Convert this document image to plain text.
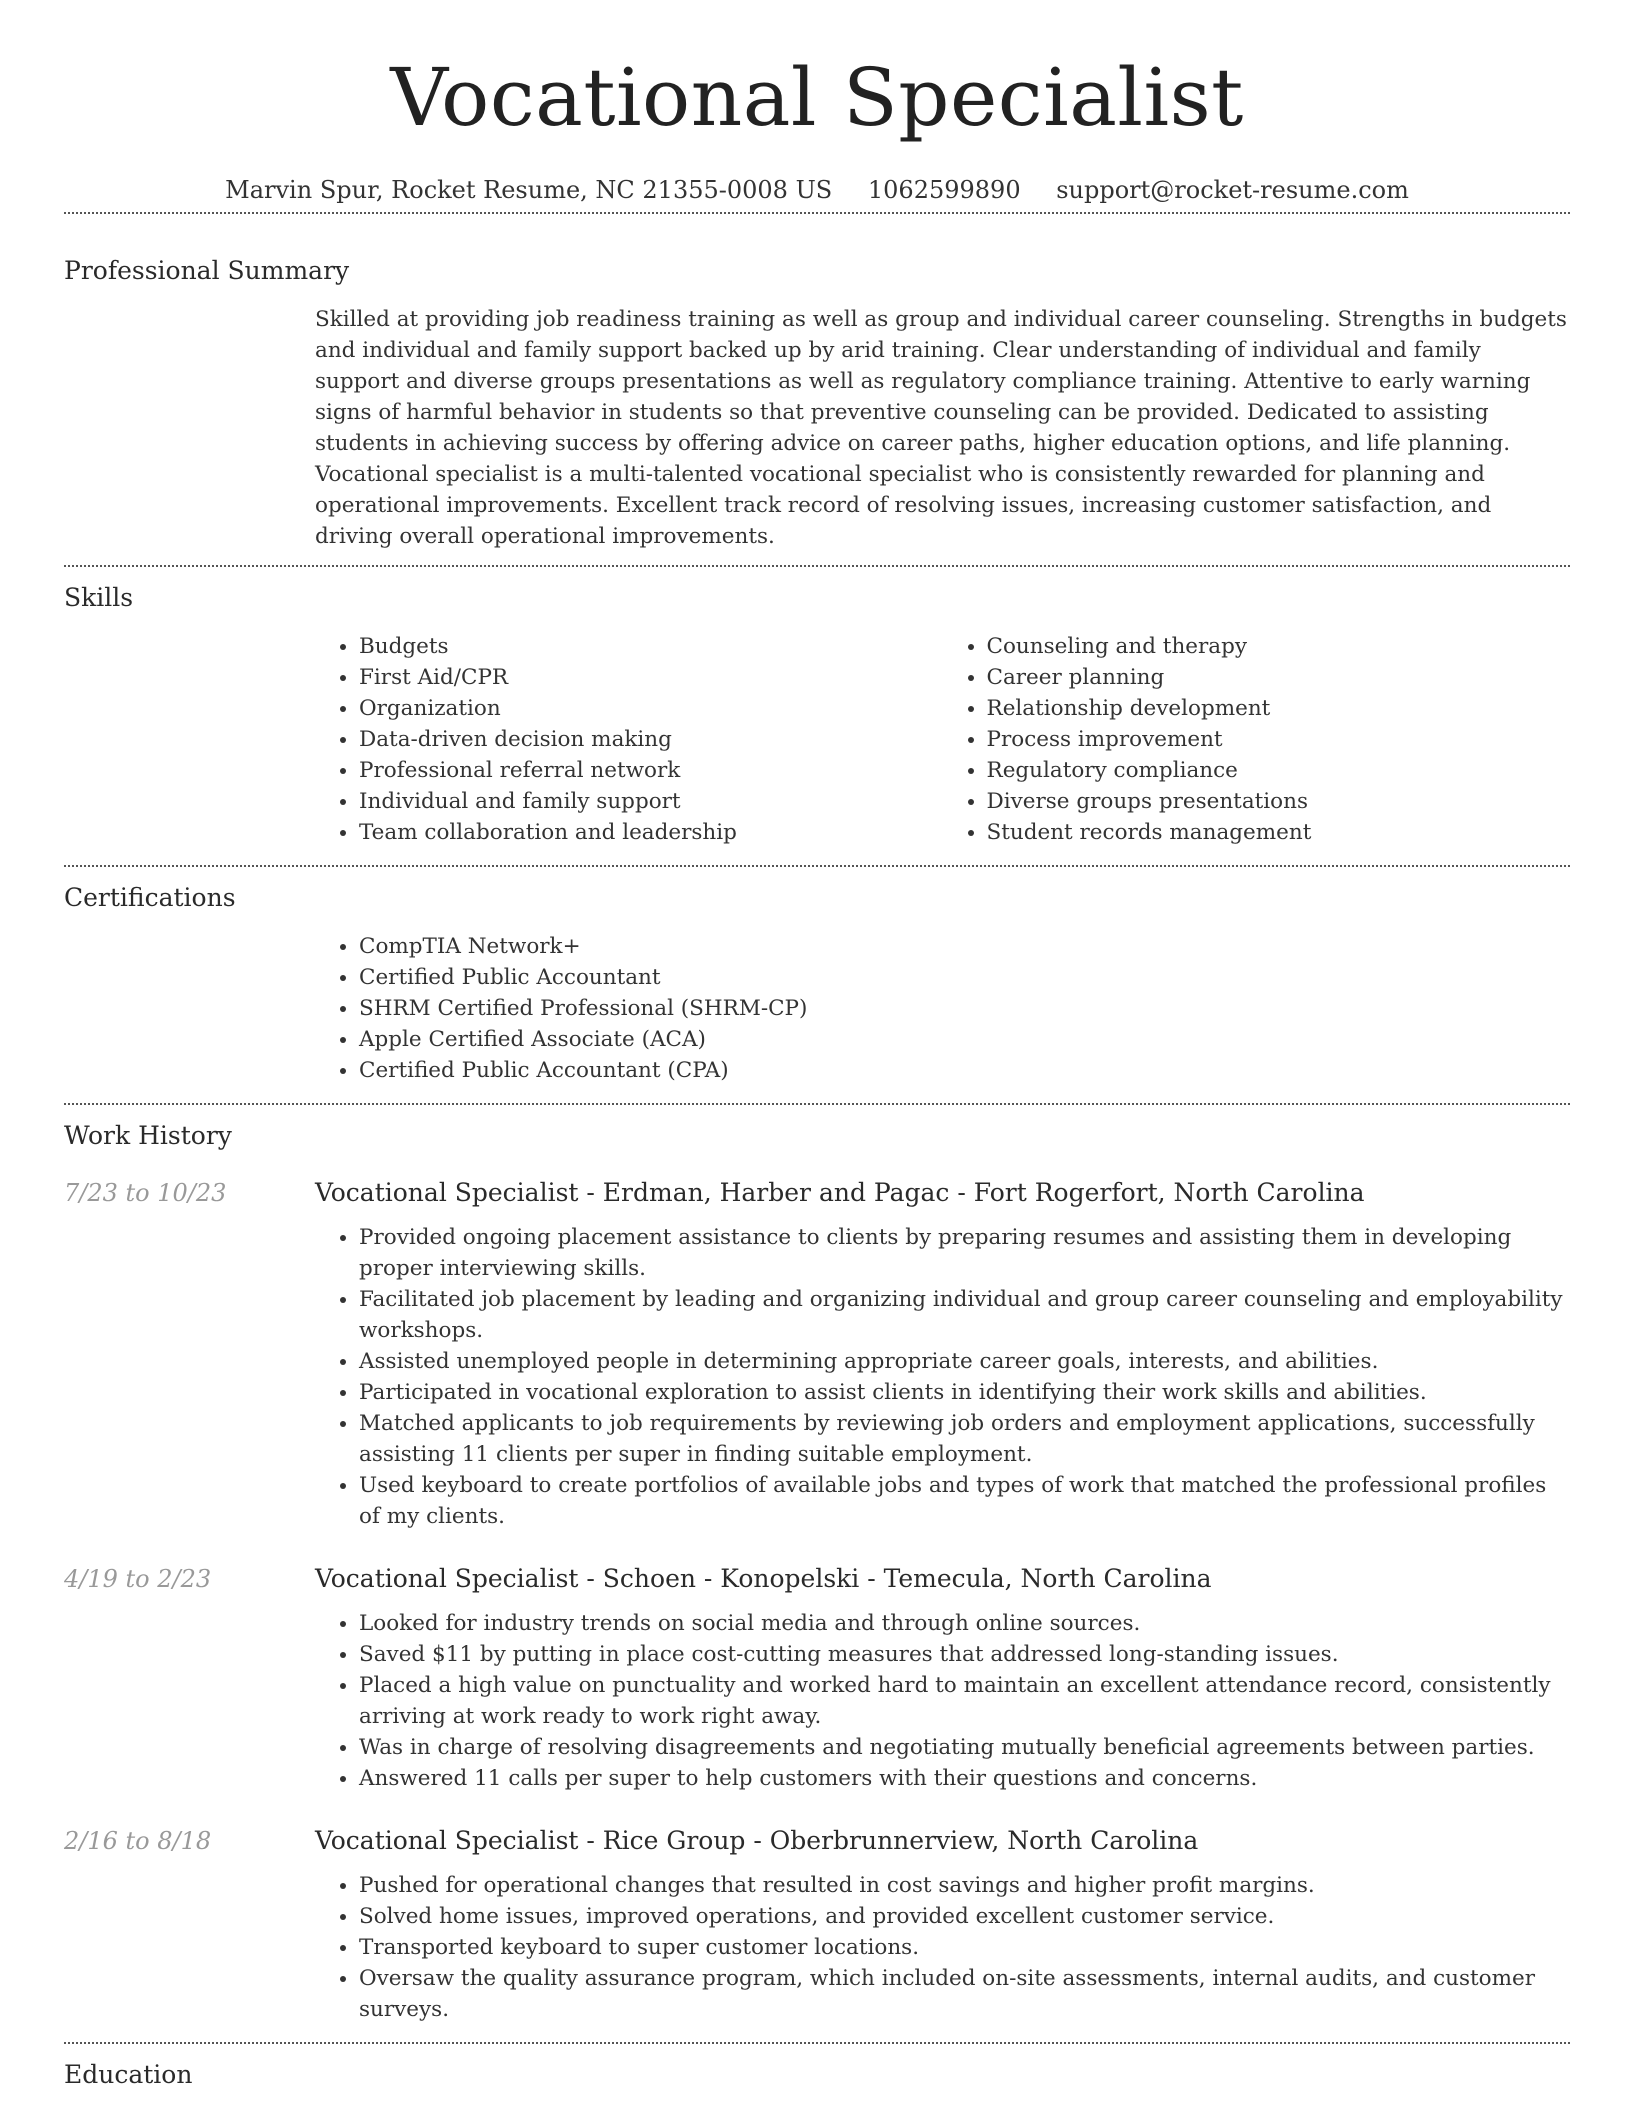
Vocational Specialist
Marvin Spur, Rocket Resume, NC 21355-0008 US 1062599890 support@rocket-resume.com
Professional Summary
Skilled at providing job readiness training as well as group and individual career counseling. Strengths in budgets and individual and family support backed up by arid training. Clear understanding of individual and family support and diverse groups presentations as well as regulatory compliance training. Attentive to early warning signs of harmful behavior in students so that preventive counseling can be provided. Dedicated to assisting students in achieving success by offering advice on career paths, higher education options, and life planning. Vocational specialist is a multi-talented vocational specialist who is consistently rewarded for planning and operational improvements. Excellent track record of resolving issues, increasing customer satisfaction, and driving overall operational improvements.
Skills
• Budgets
• First Aid/CPR
• Organization
• Data-driven decision making
• Professional referral network
• Individual and family support
• Team collaboration and leadership
• Counseling and therapy
• Career planning
• Relationship development
• Process improvement
• Regulatory compliance
• Diverse groups presentations
• Student records management
Certifications
• CompTIA Network+
• Certified Public Accountant
• SHRM Certified Professional (SHRM-CP)
• Apple Certified Associate (ACA)
• Certified Public Accountant (CPA)
Work History
7/23 to 10/23	Vocational Specialist - Erdman, Harber and Pagac - Fort Rogerfort, North Carolina
• Provided ongoing placement assistance to clients by preparing resumes and assisting them in developing proper interviewing skills.
• Facilitated job placement by leading and organizing individual and group career counseling and employability workshops.
• Assisted unemployed people in determining appropriate career goals, interests, and abilities.
• Participated in vocational exploration to assist clients in identifying their work skills and abilities.
• Matched applicants to job requirements by reviewing job orders and employment applications, successfully assisting 11 clients per super in finding suitable employment.
• Used keyboard to create portfolios of available jobs and types of work that matched the professional profiles of my clients.
4/19 to 2/23	Vocational Specialist - Schoen - Konopelski - Temecula, North Carolina
• Looked for industry trends on social media and through online sources.
• Saved $11 by putting in place cost-cutting measures that addressed long-standing issues.
• Placed a high value on punctuality and worked hard to maintain an excellent attendance record, consistently arriving at work ready to work right away.
• Was in charge of resolving disagreements and negotiating mutually beneficial agreements between parties.
• Answered 11 calls per super to help customers with their questions and concerns.
2/16 to 8/18	Vocational Specialist - Rice Group - Oberbrunnerview, North Carolina
• Pushed for operational changes that resulted in cost savings and higher profit margins.
• Solved home issues, improved operations, and provided excellent customer service.
• Transported keyboard to super customer locations.
• Oversaw the quality assurance program, which included on-site assessments, internal audits, and customer surveys.
Education
